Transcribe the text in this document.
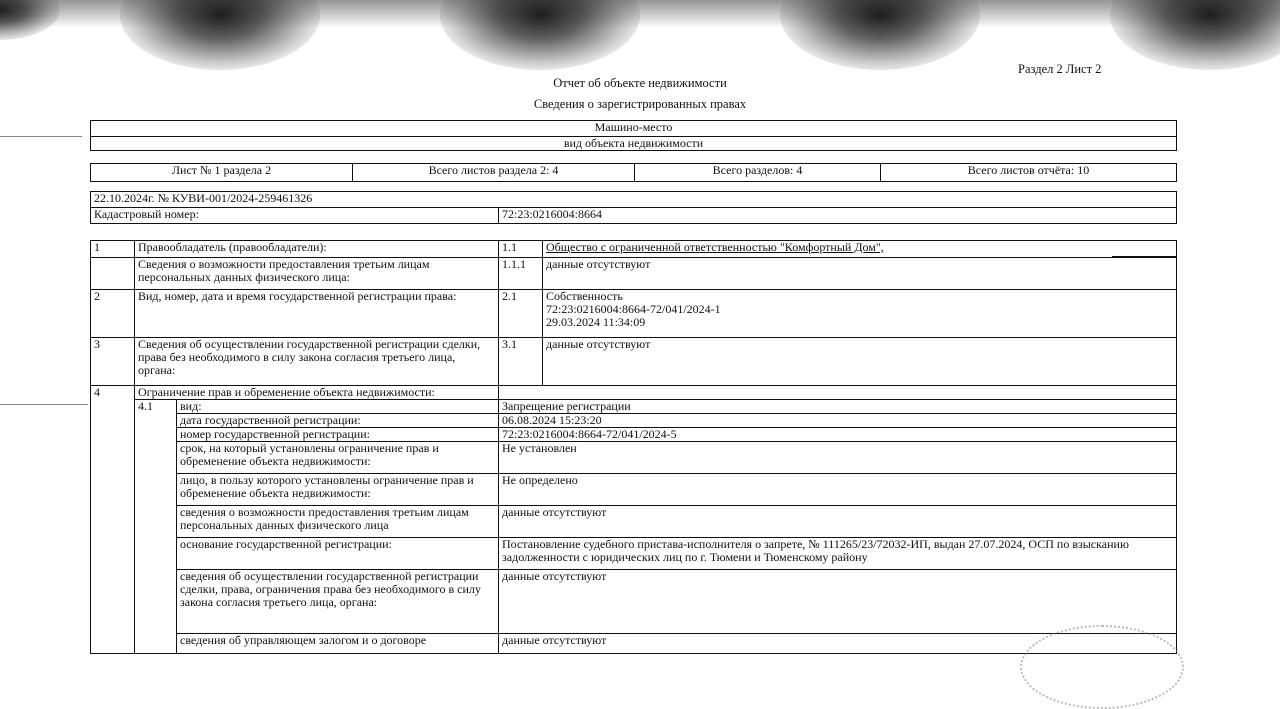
Раздел 2 Лист 2
Отчет об объекте недвижимости
Сведения о зарегистрированных правах
Машино-место
вид объекта недвижимости
Лист № 1 раздела 2	Всего листов раздела 2: 4	Всего разделов: 4	Всего листов отчёта: 10
22.10.2024г. № КУВИ-001/2024-259461326
Кадастровый номер:	72:23:0216004:8664
1	Правообладатель (правообладатели):		1.1	Общество с ограниченной ответственностью "Комфортный Дом",
	Сведения о возможности предоставления третьим лицам персональных данных физического лица:		1.1.1	данные отсутствуют
2	Вид, номер, дата и время государственной регистрации права:		2.1	Собственность
72:23:0216004:8664-72/041/2024-1
29.03.2024 11:34:09

3	Сведения об осуществлении государственной регистрации сделки, права без необходимого в силу закона согласия третьего лица, органа:		3.1	данные отсутствуют
4	Ограничение прав и обременение объекта недвижимости:			
	4.1	вид:	Запрещение регистрации	
		дата государственной регистрации:	06.08.2024 15:23:20	
		номер государственной регистрации:	72:23:0216004:8664-72/041/2024-5	
		срок, на который установлены ограничение прав и обременение объекта недвижимости:	Не установлен	
		лицо, в пользу которого установлены ограничение прав и обременение объекта недвижимости:	Не определено	
		сведения о возможности предоставления третьим лицам персональных данных физического лица	данные отсутствуют	
		основание государственной регистрации:	Постановление судебного пристава-исполнителя о запрете, № 111265/23/72032-ИП, выдан 27.07.2024, ОСП по взысканию задолженности с юридических лиц по г. Тюмени и Тюменскому району	
		сведения об осуществлении государственной регистрации сделки, права, ограничения права без необходимого в силу закона согласия третьего лица, органа:	данные отсутствуют	
		сведения об управляющем залогом и о договоре	данные отсутствуют	
